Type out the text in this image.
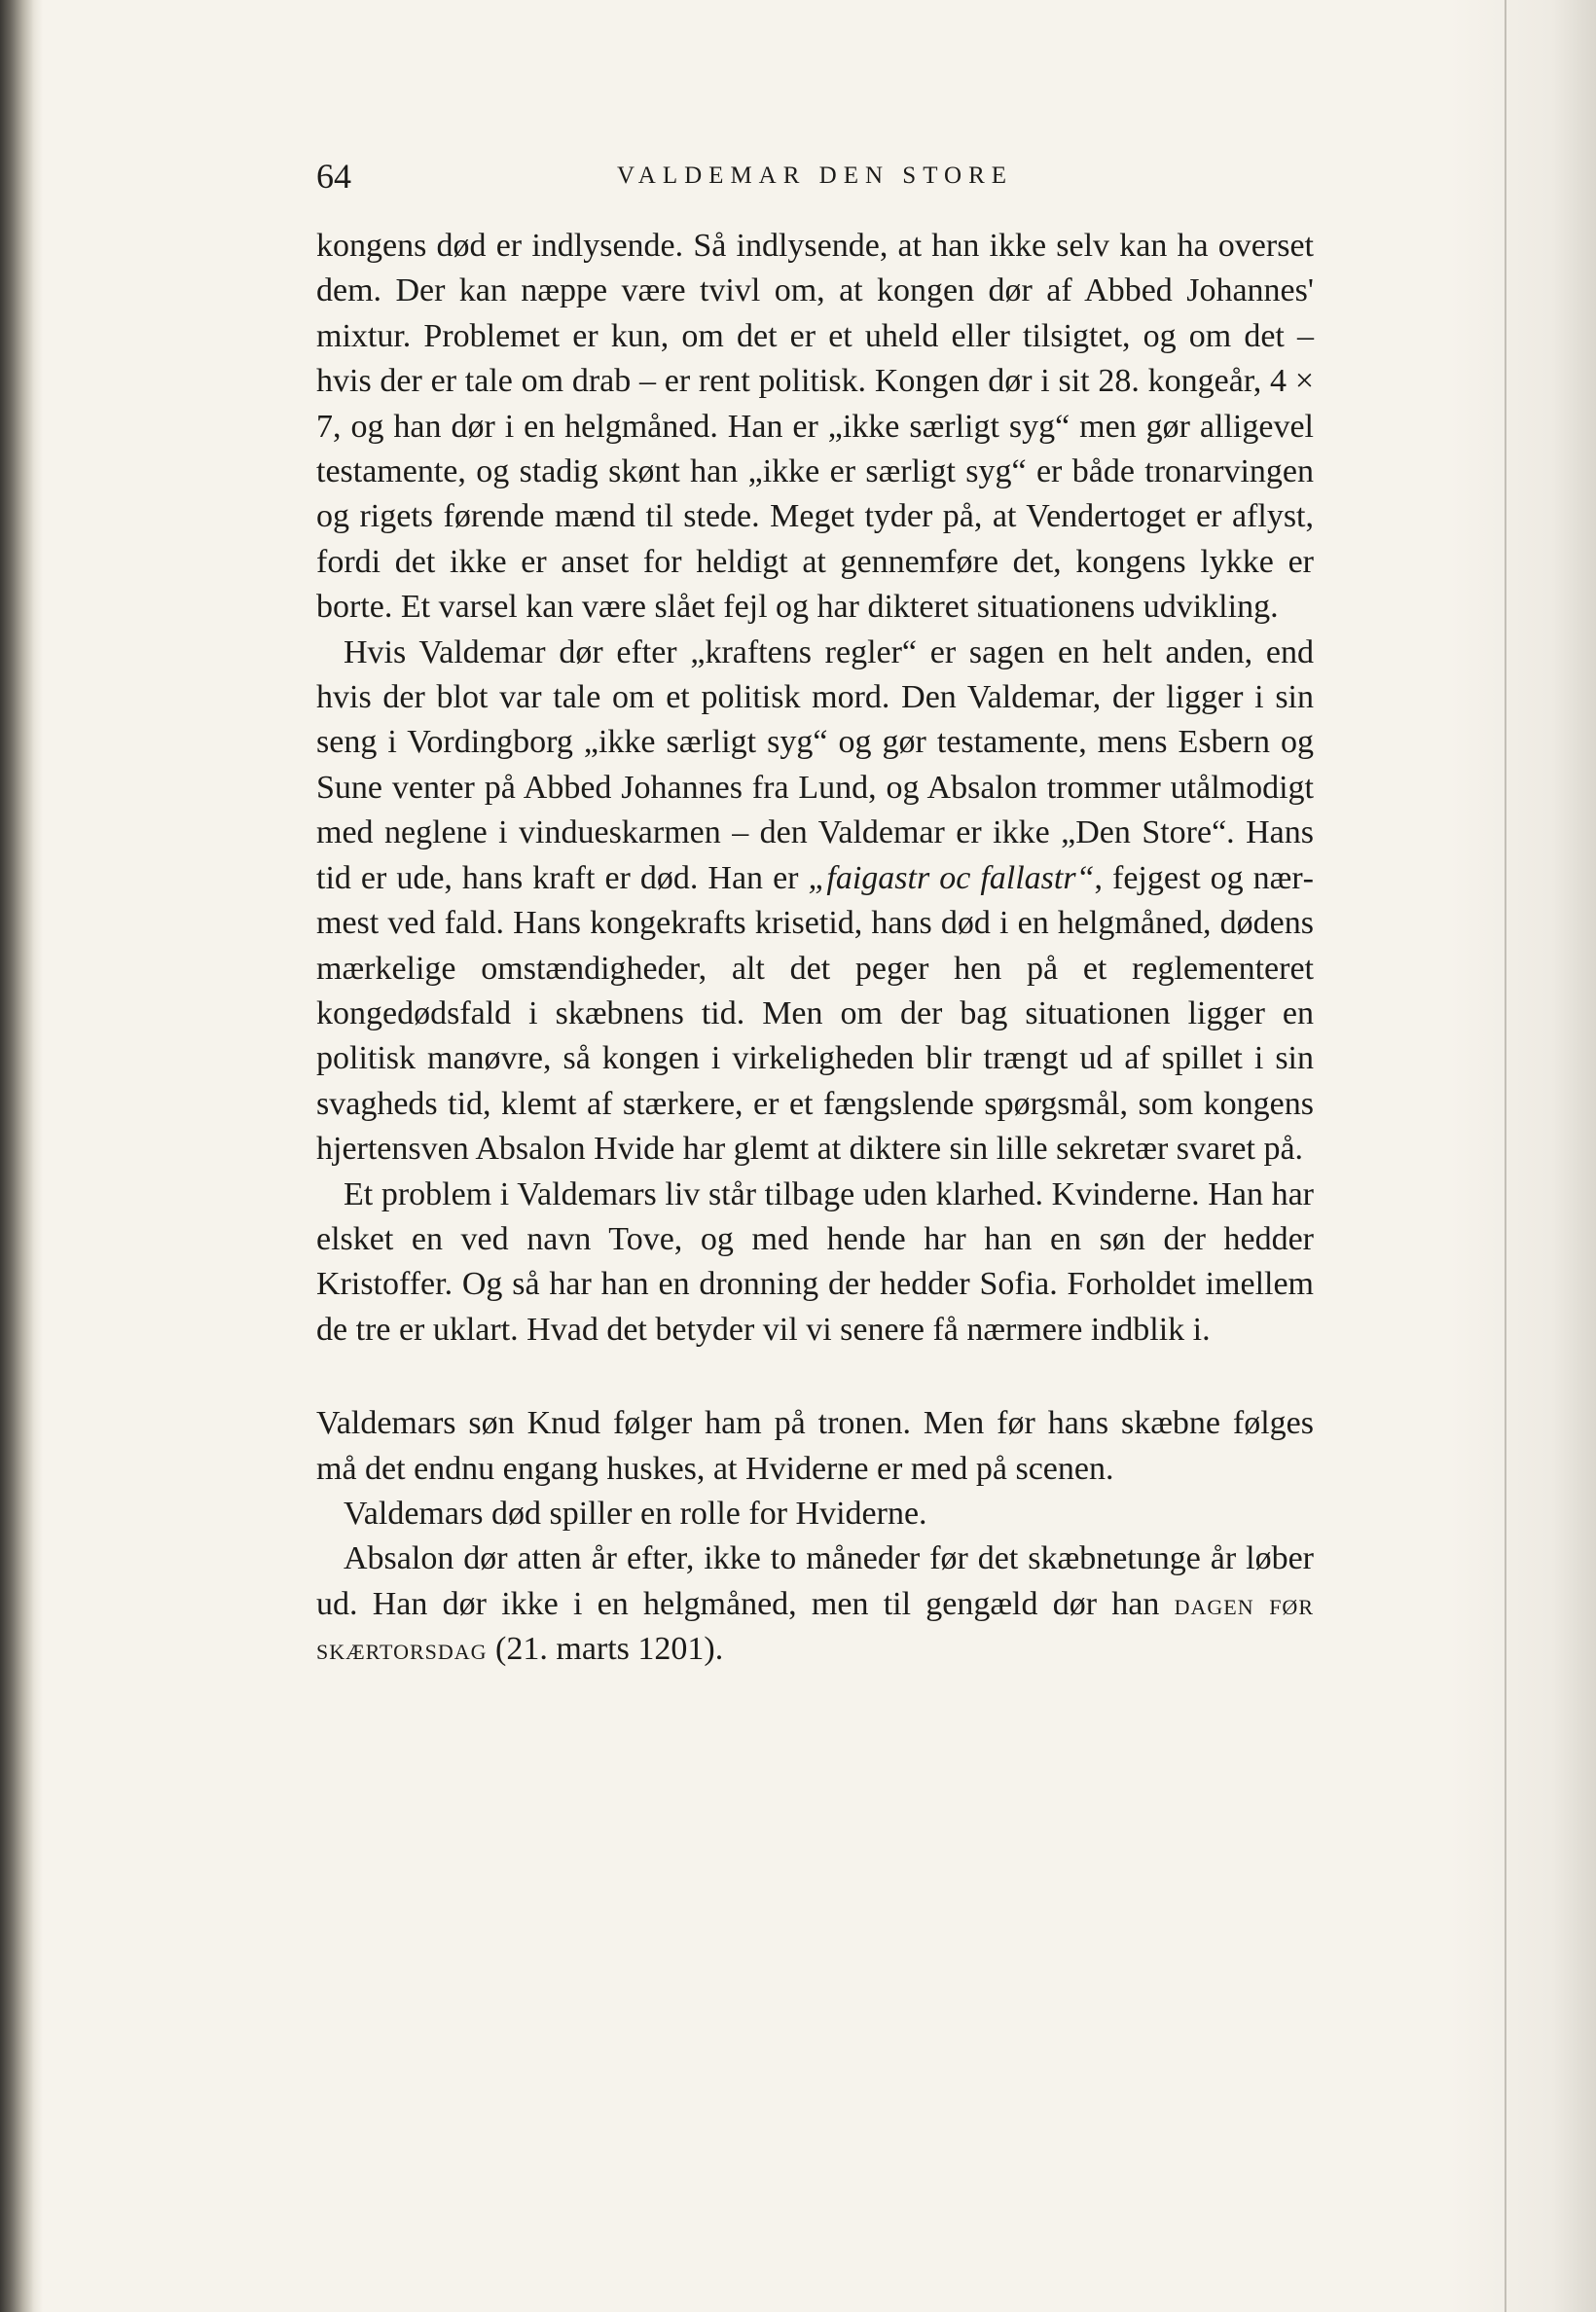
64	VALDEMAR DEN STORE

kongens død er indlysende. Så indlysende, at han ikke selv kan ha overset dem. Der kan næppe være tvivl om, at kongen dør af Abbed Johannes' mixtur. Problemet er kun, om det er et uheld eller tilsigtet, og om det – hvis der er tale om drab – er rent politisk. Kongen dør i sit 28. kongeår, 4 × 7, og han dør i en helgmåned. Han er „ikke særligt syg“ men gør alligevel testamente, og stadig skønt han „ikke er særligt syg“ er både tronarvingen og rigets førende mænd til stede. Meget tyder på, at Vendertoget er aflyst, fordi det ikke er anset for heldigt at gennemføre det, kongens lykke er borte. Et varsel kan være slået fejl og har dikteret situationens udvikling.

Hvis Valdemar dør efter „kraftens regler“ er sagen en helt anden, end hvis der blot var tale om et politisk mord. Den Valdemar, der ligger i sin seng i Vordingborg „ikke særligt syg“ og gør testamente, mens Esbern og Sune venter på Abbed Johannes fra Lund, og Absalon trommer utålmodigt med neglene i vindueskarmen – den Valdemar er ikke „Den Store“. Hans tid er ude, hans kraft er død. Han er „faigastr oc fallastr“, fejgest og nærmest ved fald. Hans kongekrafts krisetid, hans død i en helgmåned, dødens mærkelige omstændigheder, alt det peger hen på et reglementeret kongedødsfald i skæbnens tid. Men om der bag situationen ligger en politisk manøvre, så kongen i virkeligheden blir trængt ud af spillet i sin svagheds tid, klemt af stærkere, er et fængslende spørgsmål, som kongens hjertensven Absalon Hvide har glemt at diktere sin lille sekretær svaret på.

Et problem i Valdemars liv står tilbage uden klarhed. Kvinderne. Han har elsket en ved navn Tove, og med hende har han en søn der hedder Kristoffer. Og så har han en dronning der hedder Sofia. Forholdet imellem de tre er uklart. Hvad det betyder vil vi senere få nærmere indblik i.

Valdemars søn Knud følger ham på tronen. Men før hans skæbne følges må det endnu engang huskes, at Hviderne er med på scenen.

Valdemars død spiller en rolle for Hviderne.

Absalon dør atten år efter, ikke to måneder før det skæbnetunge år løber ud. Han dør ikke i en helgmåned, men til gengæld dør han dagen før skærtorsdag (21. marts 1201).
